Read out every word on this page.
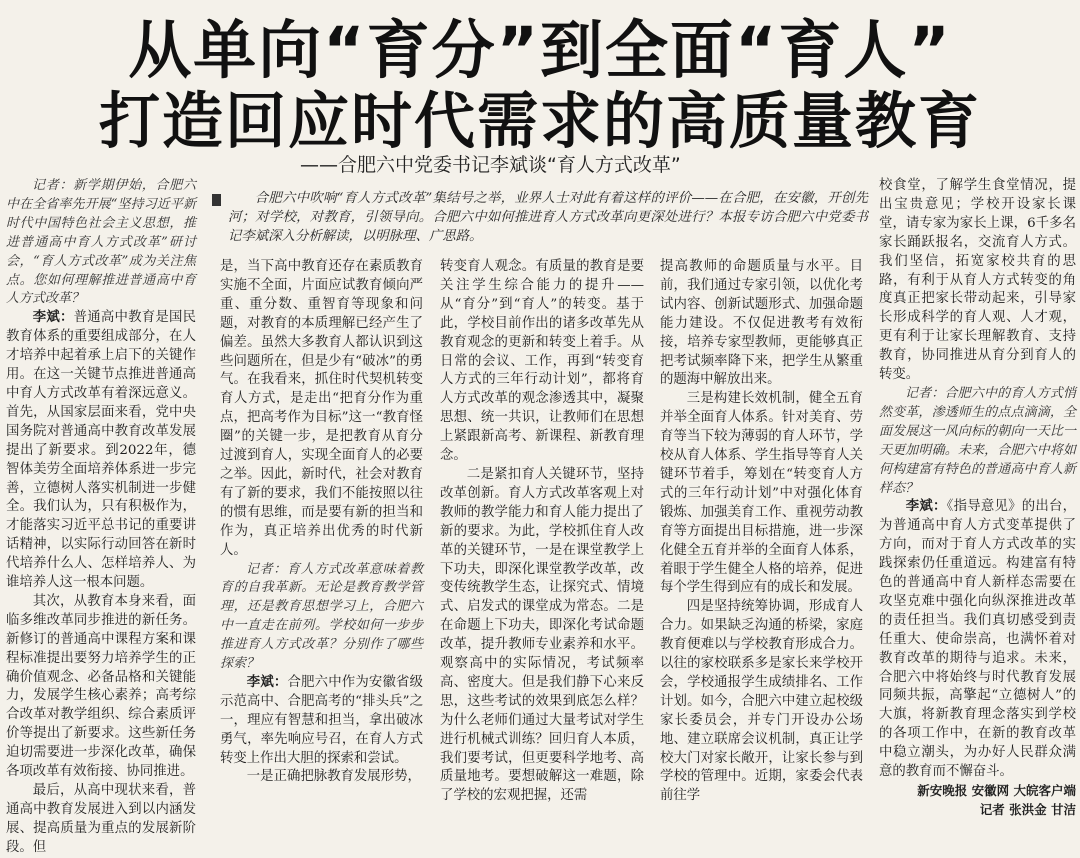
从单向“育分”到全面“育人”
打造回应时代需求的高质量教育
——合肥六中党委书记李斌谈“育人方式改革”
合肥六中吹响“育人方式改革”集结号之举，业界人士对此有着这样的评价——在合肥，在安徽，开创先河；对学校，对教育，引领导向。合肥六中如何推进育人方式改革向更深处进行？本报专访合肥六中党委书记李斌深入分析解读，以明脉理、广思路。

记者：新学期伊始，合肥六中在全省率先开展“坚持习近平新时代中国特色社会主义思想，推进普通高中育人方式改革”研讨会，“育人方式改革”成为关注焦点。您如何理解推进普通高中育人方式改革？

李斌：普通高中教育是国民教育体系的重要组成部分，在人才培养中起着承上启下的关键作用。在这一关键节点推进普通高中育人方式改革有着深远意义。首先，从国家层面来看，党中央国务院对普通高中教育改革发展提出了新要求。到2022年，德智体美劳全面培养体系进一步完善，立德树人落实机制进一步健全。我们认为，只有积极作为，才能落实习近平总书记的重要讲话精神，以实际行动回答在新时代培养什么人、怎样培养人、为谁培养人这一根本问题。

其次，从教育本身来看，面临多维改革同步推进的新任务。新修订的普通高中课程方案和课程标准提出要努力培养学生的正确价值观念、必备品格和关键能力，发展学生核心素养；高考综合改革对教学组织、综合素质评价等提出了新要求。这些新任务迫切需要进一步深化改革，确保各项改革有效衔接、协同推进。

最后，从高中现状来看，普通高中教育发展进入到以内涵发展、提高质量为重点的发展新阶段。但

是，当下高中教育还存在素质教育实施不全面，片面应试教育倾向严重、重分数、重智育等现象和问题，对教育的本质理解已经产生了偏差。虽然大多教育人都认识到这些问题所在，但是少有“破冰”的勇气。在我看来，抓住时代契机转变育人方式，是走出“把育分作为重点，把高考作为目标”这一“教育怪圈”的关键一步，是把教育从育分过渡到育人，实现全面育人的必要之举。因此，新时代，社会对教育有了新的要求，我们不能按照以往的惯有思维，而是要有新的担当和作为，真正培养出优秀的时代新人。

记者：育人方式改革意味着教育的自我革新。无论是教育教学管理，还是教育思想学习上，合肥六中一直走在前列。学校如何一步步推进育人方式改革？分别作了哪些探索？

李斌：合肥六中作为安徽省级示范高中、合肥高考的“排头兵”之一，理应有智慧和担当，拿出破冰勇气，率先响应号召，在育人方式转变上作出大胆的探索和尝试。

一是正确把脉教育发展形势，

转变育人观念。有质量的教育是要关注学生综合能力的提升——从“育分”到“育人”的转变。基于此，学校目前作出的诸多改革先从教育观念的更新和转变上着手。从日常的会议、工作，再到“转变育人方式的三年行动计划”，都将育人方式改革的观念渗透其中，凝聚思想、统一共识，让教师们在思想上紧跟新高考、新课程、新教育理念。

二是紧扣育人关键环节，坚持改革创新。育人方式改革客观上对教师的教学能力和育人能力提出了新的要求。为此，学校抓住育人改革的关键环节，一是在课堂教学上下功夫，即深化课堂教学改革，改变传统教学生态，让探究式、情境式、启发式的课堂成为常态。二是在命题上下功夫，即深化考试命题改革，提升教师专业素养和水平。观察高中的实际情况，考试频率高、密度大。但是我们静下心来反思，这些考试的效果到底怎么样？为什么老师们通过大量考试对学生进行机械式训练？回归育人本质，我们要考试，但更要科学地考、高质量地考。要想破解这一难题，除了学校的宏观把握，还需

提高教师的命题质量与水平。目前，我们通过专家引领，以优化考试内容、创新试题形式、加强命题能力建设。不仅促进教考有效衔接，培养专家型教师，更能够真正把考试频率降下来，把学生从繁重的题海中解放出来。

三是构建长效机制，健全五育并举全面育人体系。针对美育、劳育等当下较为薄弱的育人环节，学校从育人体系、学生指导等育人关键环节着手，筹划在“转变育人方式的三年行动计划”中对强化体育锻炼、加强美育工作、重视劳动教育等方面提出目标措施，进一步深化健全五育并举的全面育人体系，着眼于学生健全人格的培养，促进每个学生得到应有的成长和发展。

四是坚持统筹协调，形成育人合力。如果缺乏沟通的桥梁，家庭教育便难以与学校教育形成合力。以往的家校联系多是家长来学校开会，学校通报学生成绩排名、工作计划。如今，合肥六中建立起校级家长委员会，并专门开设办公场地、建立联席会议机制，真正让学校大门对家长敞开，让家长参与到学校的管理中。近期，家委会代表前往学

校食堂，了解学生食堂情况，提出宝贵意见；学校开设家长课堂，请专家为家长上课，6千多名家长踊跃报名，交流育人方式。我们坚信，拓宽家校共育的思路，有利于从育人方式转变的角度真正把家长带动起来，引导家长形成科学的育人观、人才观，更有利于让家长理解教育、支持教育，协同推进从育分到育人的转变。

记者：合肥六中的育人方式悄然变革，渗透师生的点点滴滴，全面发展这一风向标的朝向一天比一天更加明确。未来，合肥六中将如何构建富有特色的普通高中育人新样态？

李斌：《指导意见》的出台，为普通高中育人方式变革提供了方向，而对于育人方式改革的实践探索仍任重道远。构建富有特色的普通高中育人新样态需要在攻坚克难中强化向纵深推进改革的责任担当。我们真切感受到责任重大、使命崇高，也满怀着对教育改革的期待与追求。未来，合肥六中将始终与时代教育发展同频共振，高擎起“立德树人”的大旗，将新教育理念落实到学校的各项工作中，在新的教育改革中稳立潮头，为办好人民群众满意的教育而不懈奋斗。

新安晚报 安徽网 大皖客户端

记者 张洪金 甘洁
